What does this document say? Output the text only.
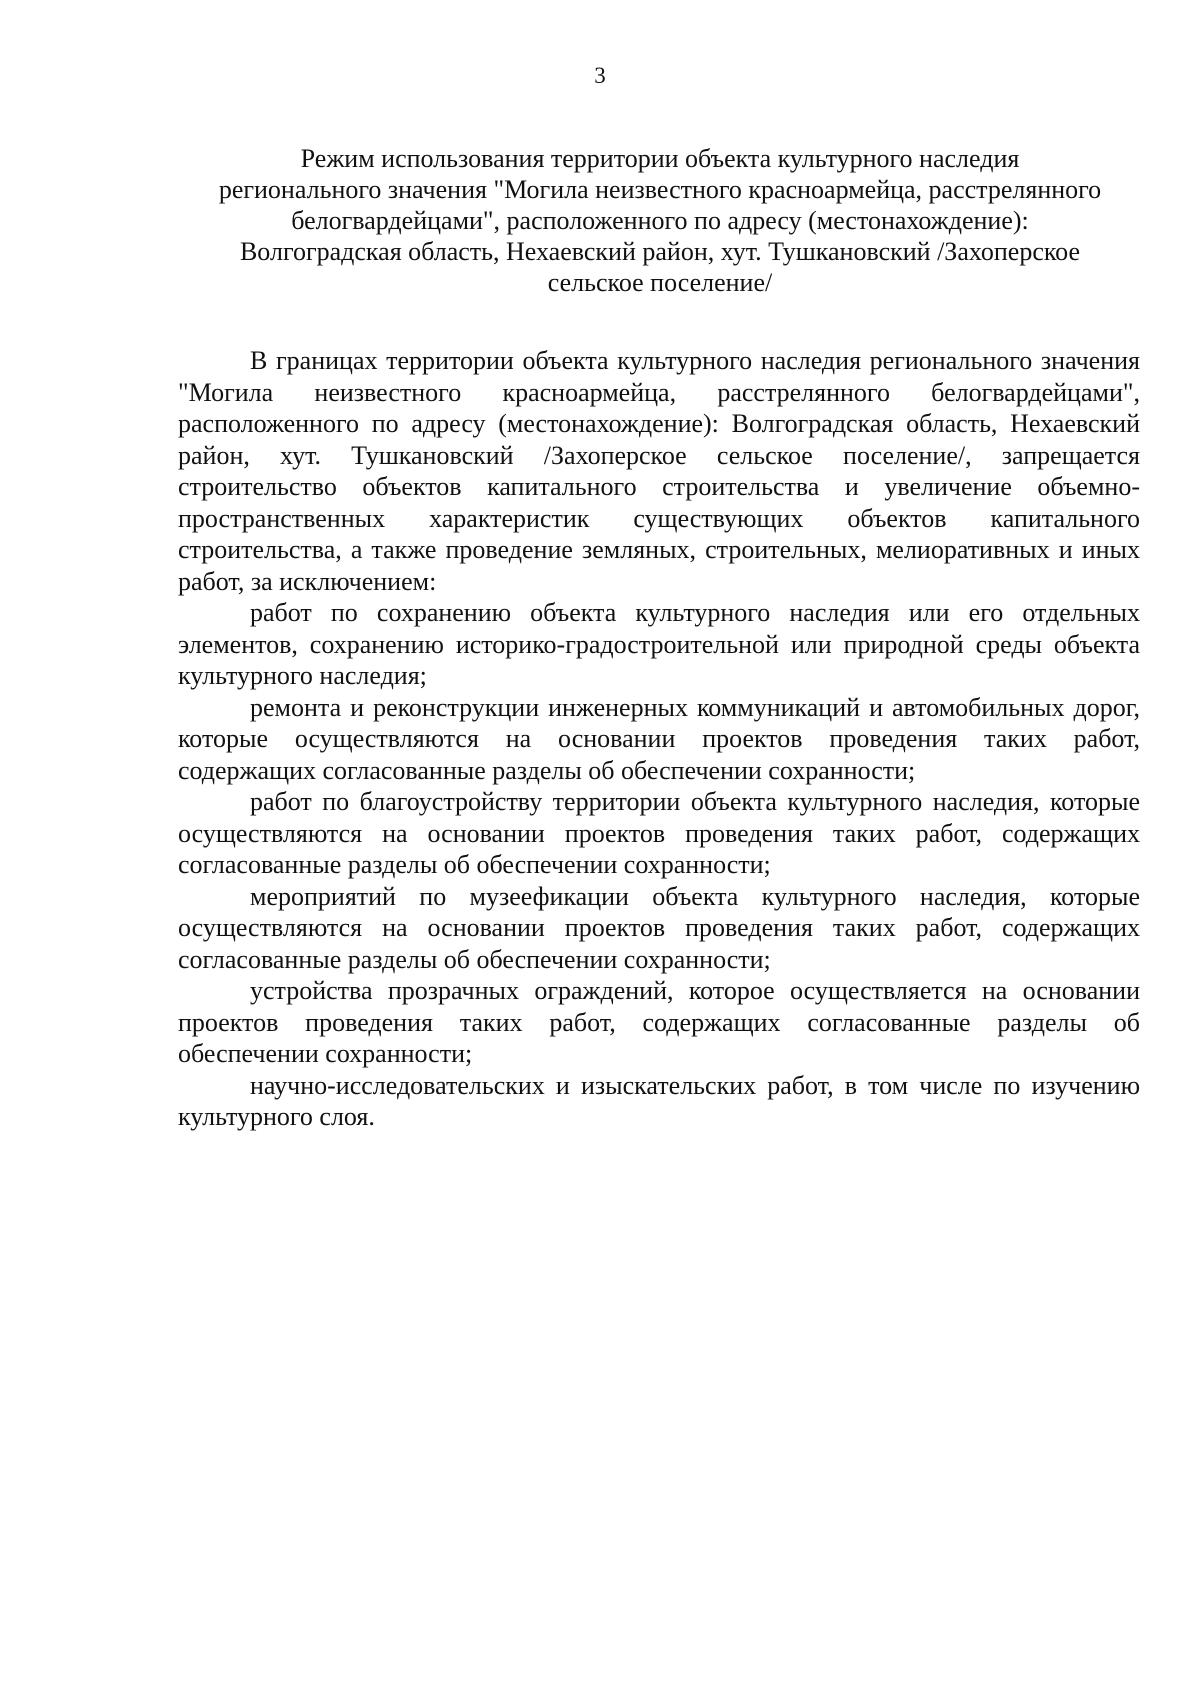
3
Режим использования территории объекта культурного наследия
регионального значения "Могила неизвестного красноармейца, расстрелянного
белогвардейцами", расположенного по адресу (местонахождение):
Волгоградская область, Нехаевский район, хут. Тушкановский /Захоперское
сельское поселение/

В границах территории объекта культурного наследия регионального значения "Могила неизвестного красноармейца, расстрелянного белогвардейцами", расположенного по адресу (местонахождение): Волгоградская область, Нехаевский район, хут. Тушкановский /Захоперское сельское поселение/, запрещается строительство объектов капитального строительства и увеличение объемно-пространственных характеристик существующих объектов капитального строительства, а также проведение земляных, строительных, мелиоративных и иных работ, за исключением:

работ по сохранению объекта культурного наследия или его отдельных элементов, сохранению историко-градостроительной или природной среды объекта культурного наследия;

ремонта и реконструкции инженерных коммуникаций и автомобильных дорог, которые осуществляются на основании проектов проведения таких работ, содержащих согласованные разделы об обеспечении сохранности;

работ по благоустройству территории объекта культурного наследия, которые осуществляются на основании проектов проведения таких работ, содержащих согласованные разделы об обеспечении сохранности;

мероприятий по музеефикации объекта культурного наследия, которые осуществляются на основании проектов проведения таких работ, содержащих согласованные разделы об обеспечении сохранности;

устройства прозрачных ограждений, которое осуществляется на основании проектов проведения таких работ, содержащих согласованные разделы об обеспечении сохранности;

научно-исследовательских и изыскательских работ, в том числе по изучению культурного слоя.
